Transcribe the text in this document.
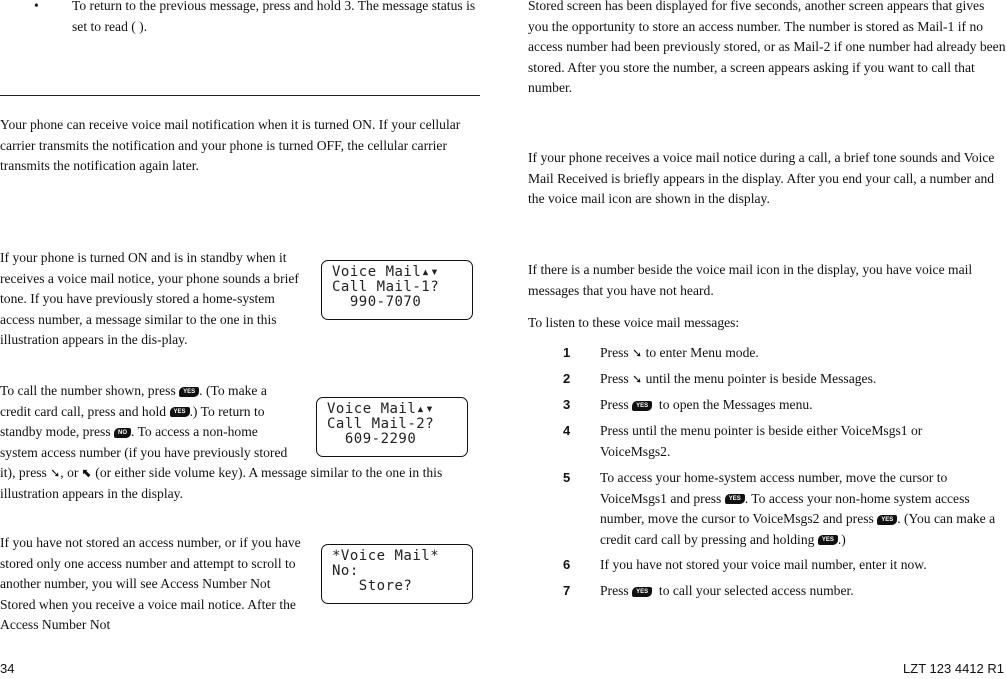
• To return to the previous message, press and hold 3. The message status is set to read ( ).

Your phone can receive voice mail notification when it is turned ON. If your cellular carrier transmits the notification and your phone is turned OFF, the cellular carrier transmits the notification again later.

If your phone is turned ON and is in standby when it receives a voice mail notice, your phone sounds a brief tone. If you have previously stored a home-system access number, a message similar to the one in this illustration appears in the dis-play.

Voice Mail▴▾
Call Mail-1?
990-7070

To call the number shown, press YES . (To make a credit card call, press and hold YES .) To return to standby mode, press NO . To access a non-home system access number (if you have previously stored it), press ➘, or ⬉ (or either side volume key). A message similar to the one in this illustration appears in the display.

Voice Mail▴▾
Call Mail-2?
609-2290

If you have not stored an access number, or if you have stored only one access number and attempt to scroll to another number, you will see Access Number Not Stored when you receive a voice mail notice. After the Access Number Not

*Voice Mail*
No:
Store?

Stored screen has been displayed for five seconds, another screen appears that gives you the opportunity to store an access number. The number is stored as Mail-1 if no access number had been previously stored, or as Mail-2 if one number had already been stored. After you store the number, a screen appears asking if you want to call that number.

If your phone receives a voice mail notice during a call, a brief tone sounds and Voice Mail Received is briefly appears in the display. After you end your call, a number and the voice mail icon are shown in the display.

If there is a number beside the voice mail icon in the display, you have voice mail messages that you have not heard.

To listen to these voice mail messages:

1 Press ➘ to enter Menu mode.
2 Press ➘ until the menu pointer is beside Messages.
3 Press YES to open the Messages menu.
4 Press until the menu pointer is beside either VoiceMsgs1 or VoiceMsgs2.
5 To access your home-system access number, move the cursor to VoiceMsgs1 and press YES . To access your non-home system access number, move the cursor to VoiceMsgs2 and press YES . (You can make a credit card call by pressing and holding YES .)
6 If you have not stored your voice mail number, enter it now.
7 Press YES to call your selected access number.
34	LZT 123 4412 R1
